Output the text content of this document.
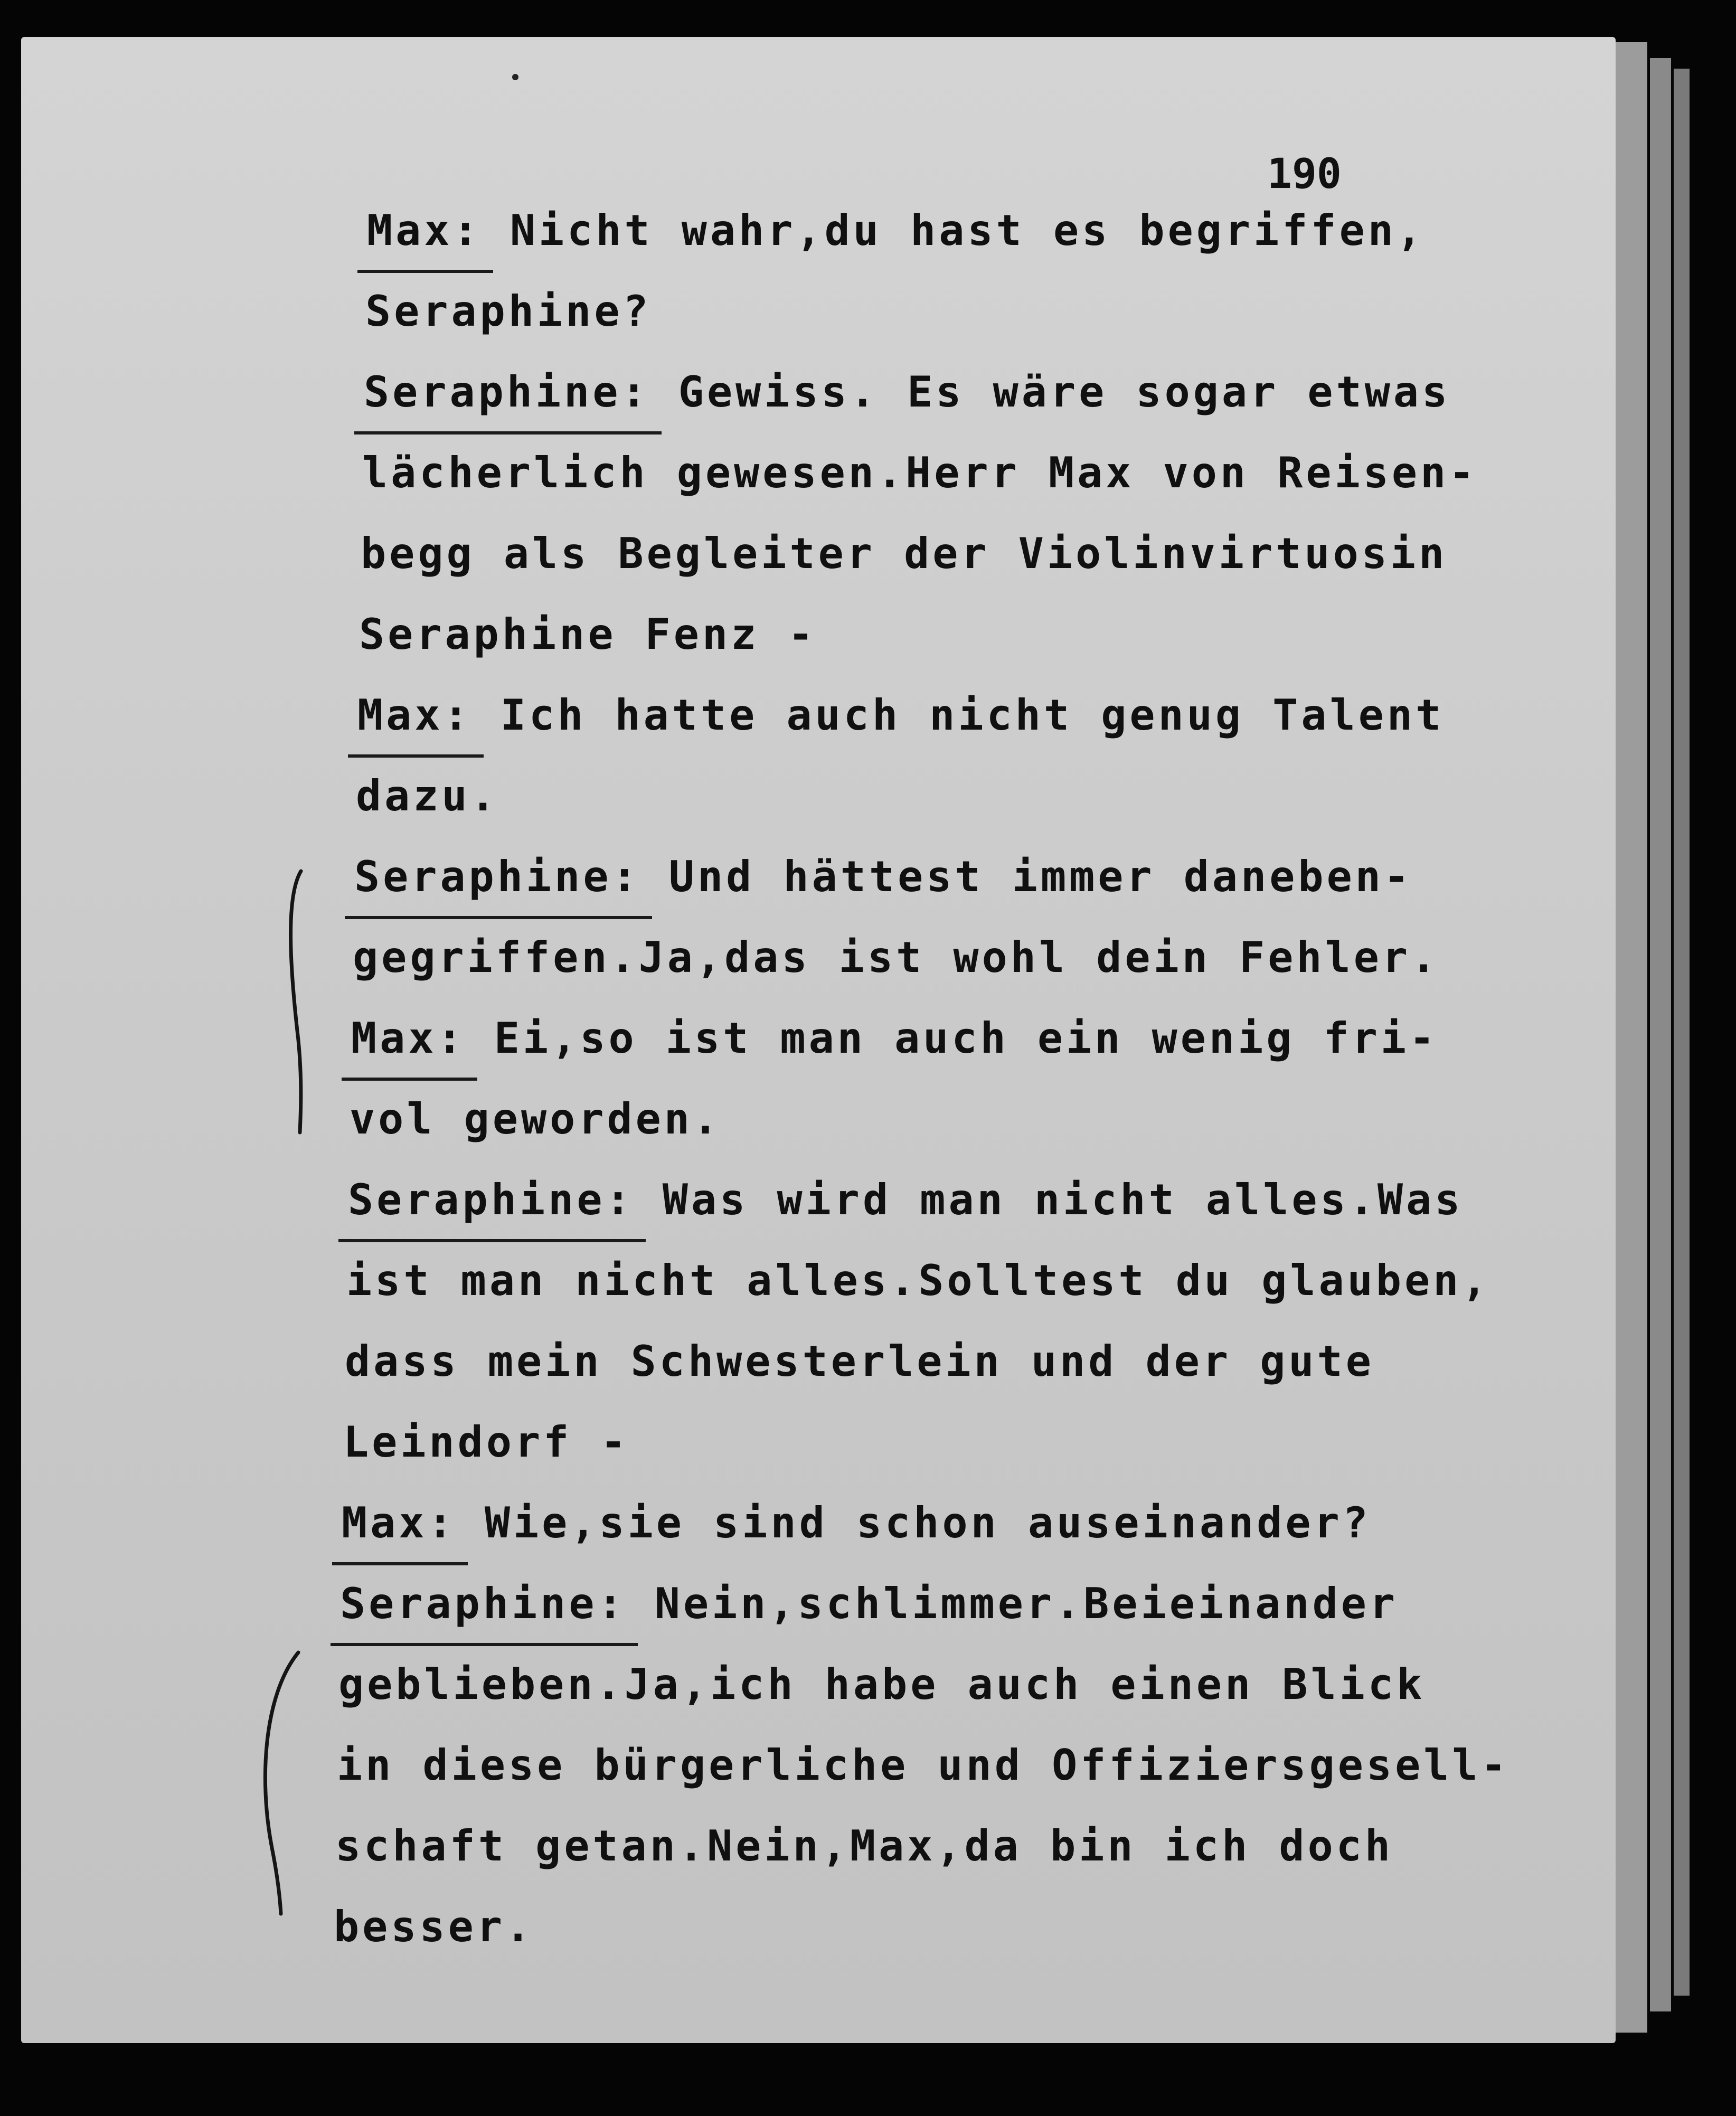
190
Max: Nicht wahr,du hast es begriffen,
Seraphine?
Seraphine: Gewiss. Es wäre sogar etwas
lächerlich gewesen.Herr Max von Reisen-
begg als Begleiter der Violinvirtuosin
Seraphine Fenz -
Max: Ich hatte auch nicht genug Talent
dazu.
Seraphine: Und hättest immer daneben-
gegriffen.Ja,das ist wohl dein Fehler.
Max: Ei,so ist man auch ein wenig fri-
vol geworden.
Seraphine: Was wird man nicht alles.Was
ist man nicht alles.Solltest du glauben,
dass mein Schwesterlein und der gute
Leindorf -
Max: Wie,sie sind schon auseinander?
Seraphine: Nein,schlimmer.Beieinander
geblieben.Ja,ich habe auch einen Blick
in diese bürgerliche und Offiziersgesell-
schaft getan.Nein,Max,da bin ich doch
besser.
